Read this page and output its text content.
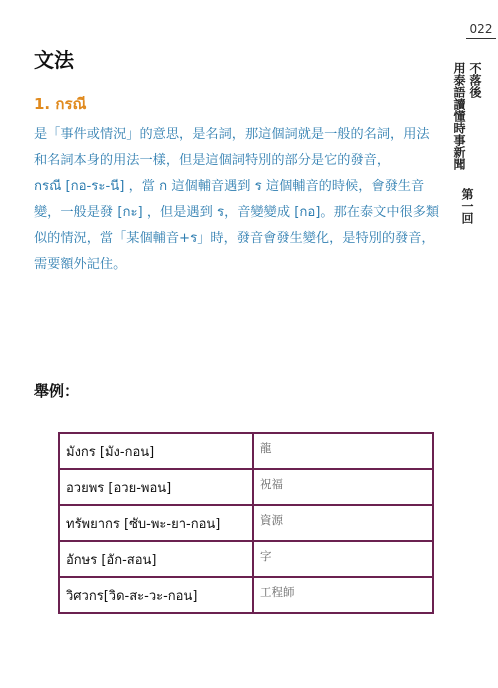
022
不落後
用泰語讀懂時事新聞
第一回
文法
1. กรณี

是「事件或情況」的意思，是名詞，那這個詞就是一般的名詞，用法和名詞本身的用法一樣，但是這個詞特別的部分是它的發音，

กรณี [กอ-ระ-นี] ，當 ก 這個輔音遇到 ร 這個輔音的時候，會發生音變，一般是發 [กะ] ，但是遇到 ร，音變變成 [กอ]。那在泰文中很多類似的情況，當「某個輔音+ร」時，發音會發生變化，是特別的發音，需要額外記住。

舉例：
มังกร [มัง-กอน]	龍
อวยพร [อวย-พอน]	祝福
ทรัพยากร [ซับ-พะ-ยา-กอน]	資源
อักษร [อัก-สอน]	字
วิศวกร[วิด-สะ-วะ-กอน]	工程師
